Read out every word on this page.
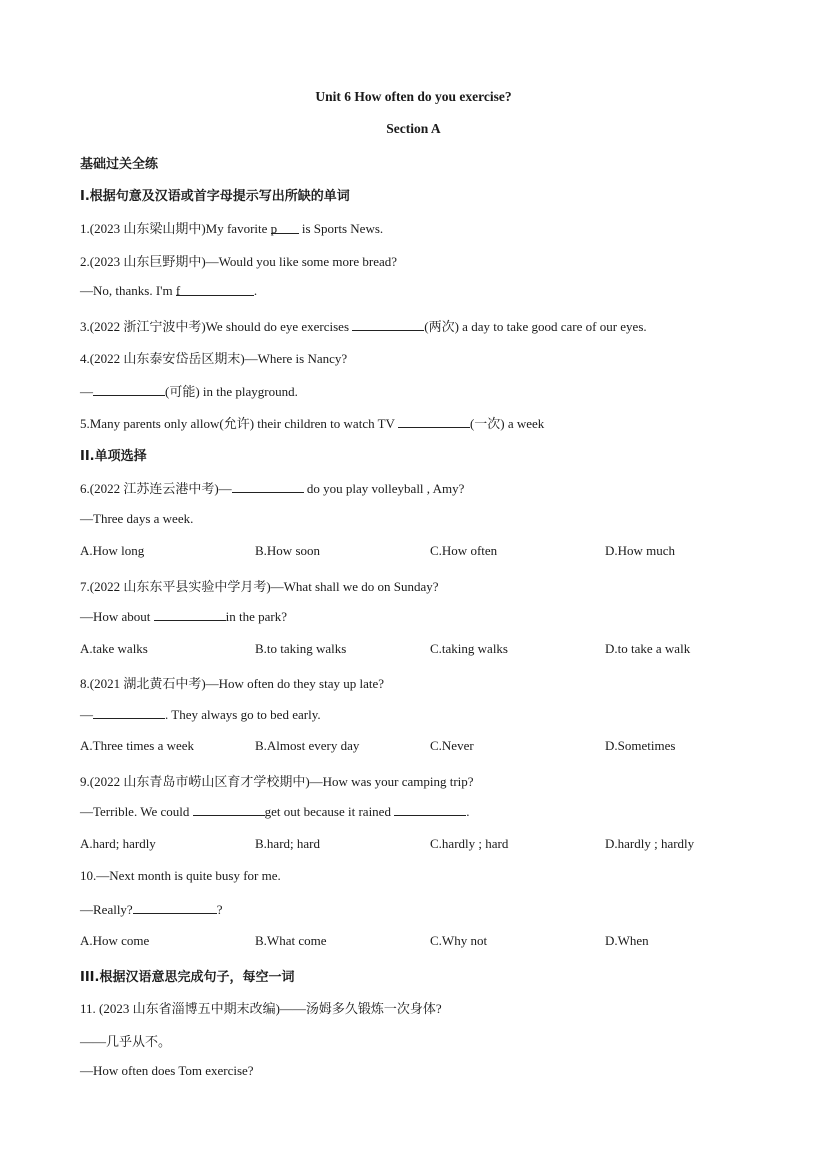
Unit 6 How often do you exercise?
Section A
基础过关全练
I.根据句意及汉语或首字母提示写出所缺的单词
1.(2023 山东梁山期中)My favorite p is Sports News.
2.(2023 山东巨野期中)—Would you like some more bread?
—No, thanks. I'm f	.
3.(2022 浙江宁波中考)We should do eye exercises	(两次) a day to take good care of our eyes.
4.(2022 山东泰安岱岳区期末)—Where is Nancy?
—	(可能) in the playground.
5.Many parents only allow(允许) their children to watch TV	(一次) a week
II.单项选择
6.(2022 江苏连云港中考)—	do you play volleyball , Amy?
—Three days a week.
A.How long	B.How soon	C.How often	D.How much
7.(2022 山东东平县实验中学月考)—What shall we do on Sunday?
—How about	in the park?
A.take walks	B.to taking walks	C.taking walks	D.to take a walk
8.(2021 湖北黄石中考)—How often do they stay up late?
—	. They always go to bed early.
A.Three times a week	B.Almost every day	C.Never	D.Sometimes
9.(2022 山东青岛市崂山区育才学校期中)—How was your camping trip?
—Terrible. We could	get out because it rained	.
A.hard; hardly	B.hard; hard	C.hardly ; hard	D.hardly ; hardly
10.—Next month is quite busy for me.
—Really?	?
A.How come	B.What come	C.Why not	D.When
III.根据汉语意思完成句子，每空一词
11. (2023 山东省淄博五中期末改编)——汤姆多久锻炼一次身体?
——几乎从不。
—How often does Tom exercise?
